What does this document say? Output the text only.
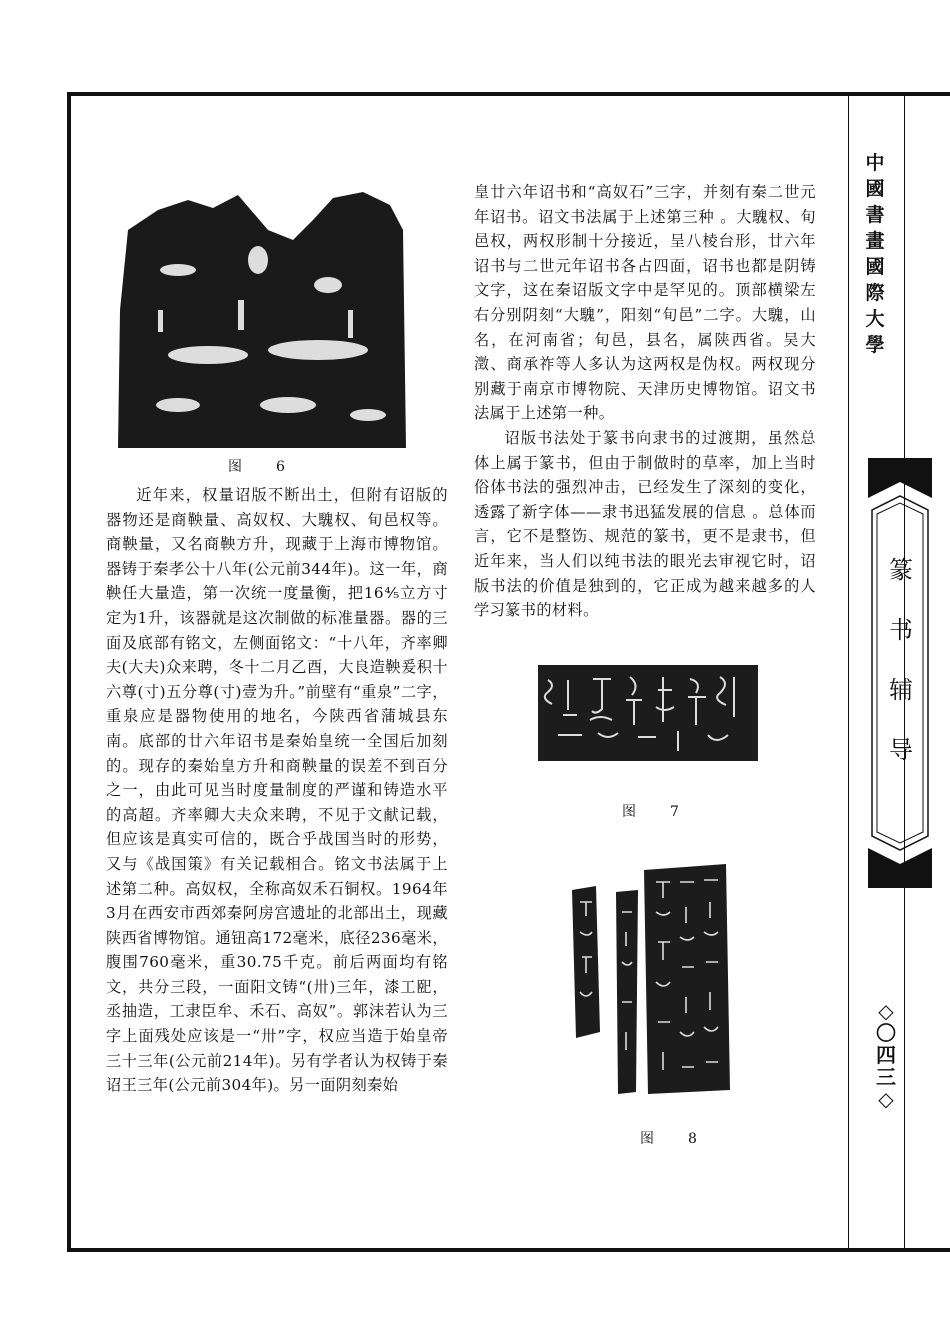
图　6

近年来，权量诏版不断出土，但附有诏版的器物还是商鞅量、高奴权、大騩权、旬邑权等。商鞅量，又名商鞅方升，现藏于上海市博物馆。器铸于秦孝公十八年(公元前344年)。这一年，商鞅任大量造，第一次统一度量衡，把16⅘立方寸定为1升，该器就是这次制做的标准量器。器的三面及底部有铭文，左侧面铭文：“十八年，齐率卿夫(大夫)众来聘，冬十二月乙酉，大良造鞅爰积十六尊(寸)五分尊(寸)壹为升。”前壁有“重泉”二字，重泉应是器物使用的地名，今陕西省蒲城县东南。底部的廿六年诏书是秦始皇统一全国后加刻的。现存的秦始皇方升和商鞅量的误差不到百分之一，由此可见当时度量制度的严谨和铸造水平的高超。齐率卿大夫众来聘，不见于文献记载，但应该是真实可信的，既合乎战国当时的形势，又与《战国策》有关记载相合。铭文书法属于上述第二种。高奴权，全称高奴禾石铜权。1964年3月在西安市西郊秦阿房宫遗址的北部出土，现藏陕西省博物馆。通钮高172毫米，底径236毫米，腹围760毫米，重30.75千克。前后两面均有铭文，共分三段，一面阳文铸“(卅)三年，漆工巸，丞抽造，工隶臣牟、禾石、高奴”。郭沫若认为三字上面残处应该是一“卅”字，权应当造于始皇帝三十三年(公元前214年)。另有学者认为权铸于秦诏王三年(公元前304年)。另一面阴刻秦始

皇廿六年诏书和“高奴石”三字，并刻有秦二世元年诏书。诏文书法属于上述第三种 。大騩权、旬邑权，两权形制十分接近，呈八棱台形，廿六年诏书与二世元年诏书各占四面，诏书也都是阴铸文字，这在秦诏版文字中是罕见的。顶部横梁左右分别阴刻“大騩”，阳刻“旬邑”二字。大騩，山名，在河南省；旬邑，县名，属陕西省。吴大澂、商承祚等人多认为这两权是伪权。两权现分别藏于南京市博物院、天津历史博物馆。诏文书法属于上述第一种。

诏版书法处于篆书向隶书的过渡期，虽然总体上属于篆书，但由于制做时的草率，加上当时俗体书法的强烈冲击，已经发生了深刻的变化，透露了新字体——隶书迅猛发展的信息 。总体而言，它不是整饬、规范的篆书，更不是隶书，但近年来，当人们以纯书法的眼光去审视它时，诏版书法的价值是独到的，它正成为越来越多的人学习篆书的材料。

图　7
图　8
中
國
書
畫
國
際
大
學
篆
书
辅
导
◇
〇
四
三
◇
